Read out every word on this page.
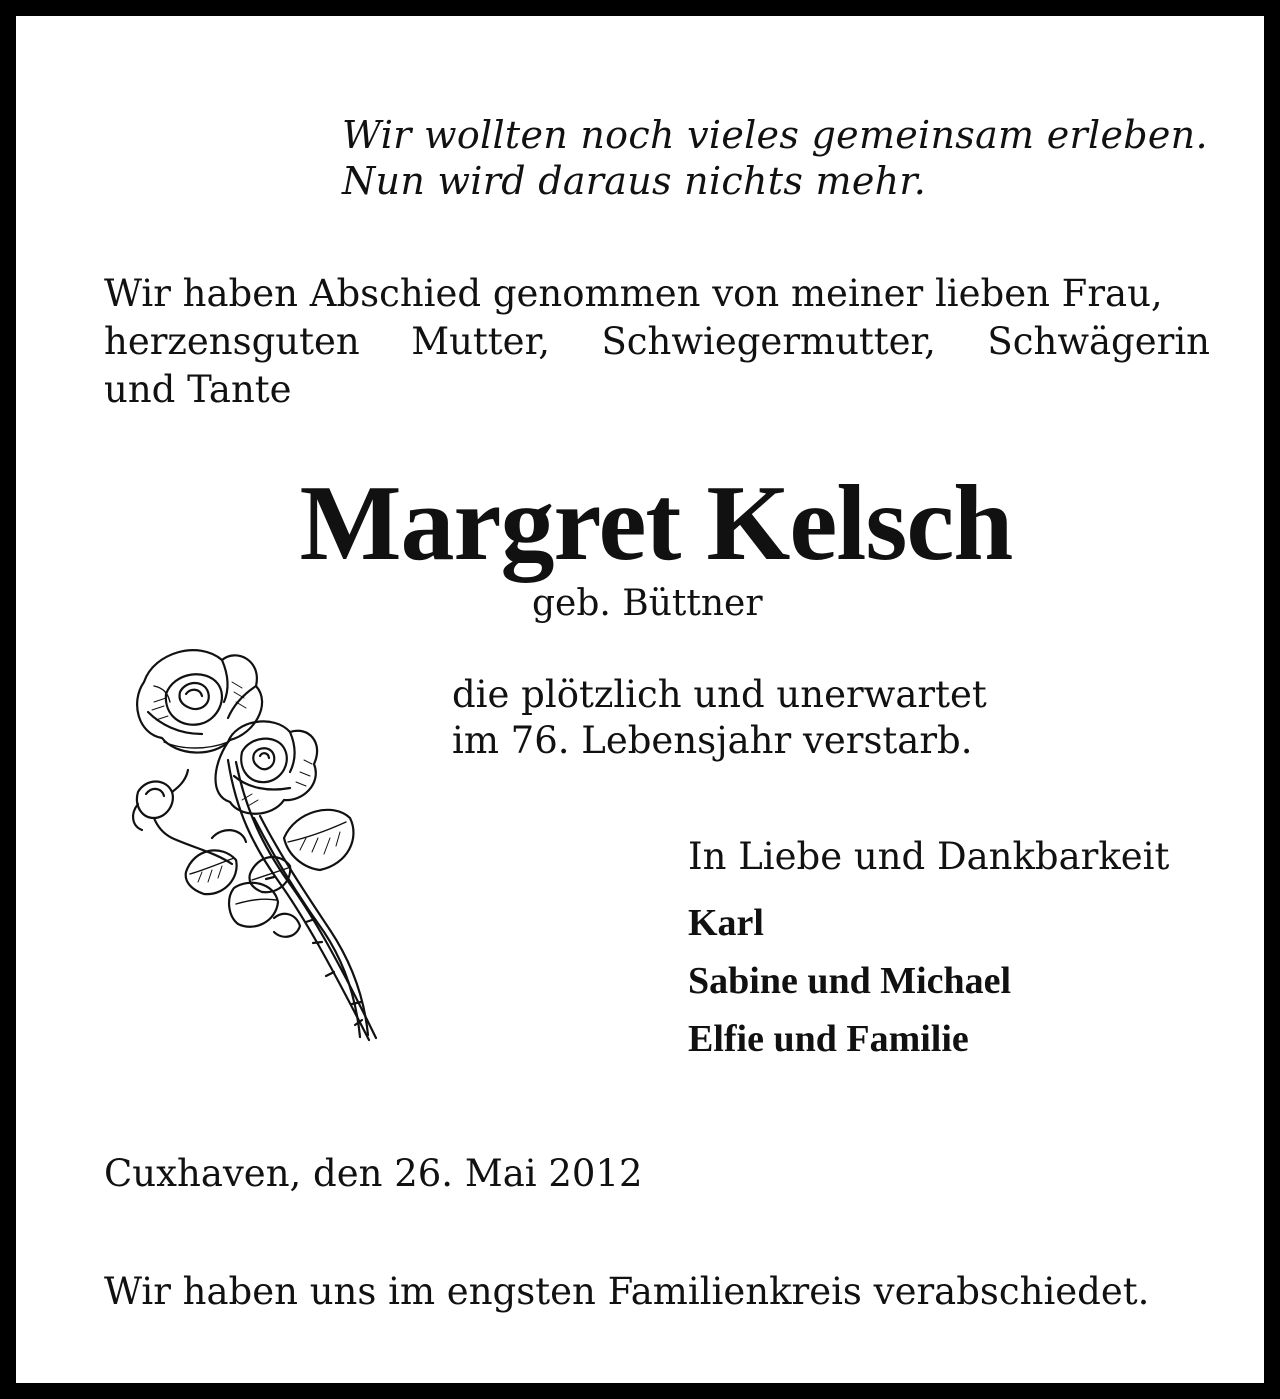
Wir wollten noch vieles gemeinsam erleben.

Nun wird daraus nichts mehr.

Wir haben Abschied genommen von meiner lieben Frau,

herzensguten Mutter, Schwiegermutter, Schwägerin

und Tante

Margret Kelsch

geb. Büttner

die plötzlich und unerwartet

im 76. Lebensjahr verstarb.

In Liebe und Dankbarkeit

Karl

Sabine und Michael

Elfie und Familie

Cuxhaven, den 26. Mai 2012

Wir haben uns im engsten Familienkreis verabschiedet.
